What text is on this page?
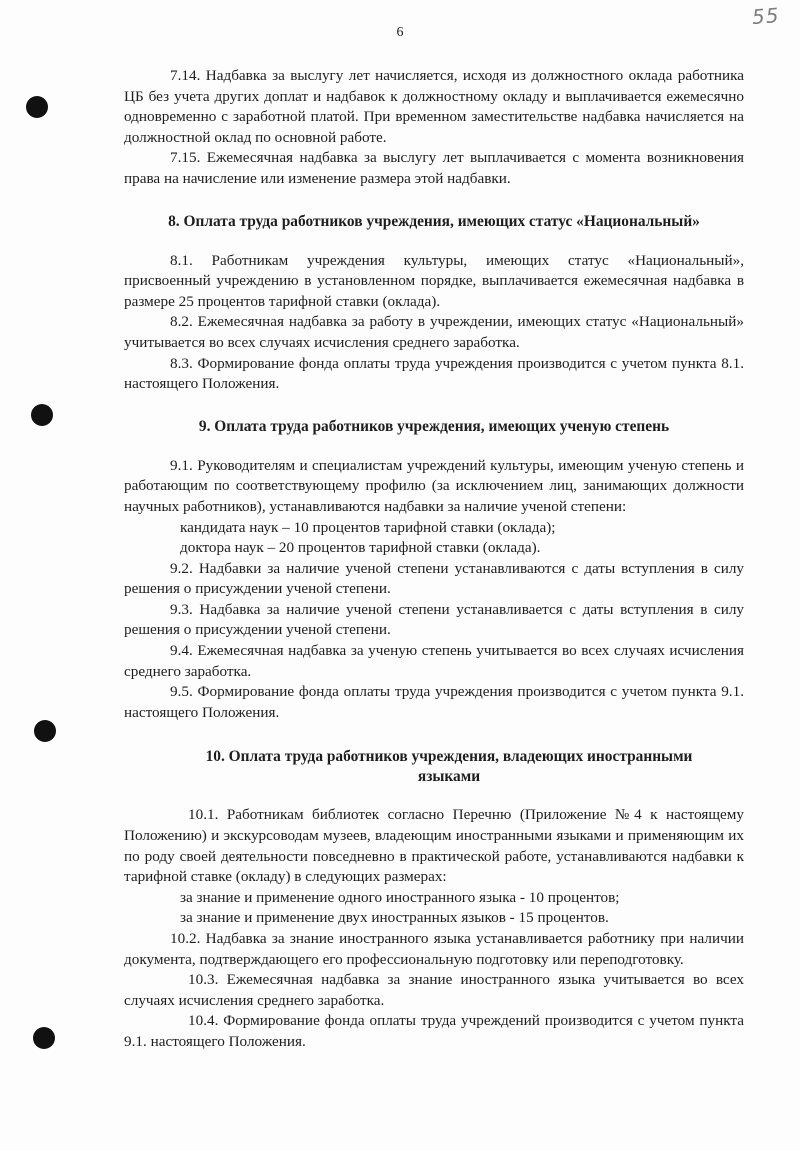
55
6

7.14. Надбавка за выслугу лет начисляется, исходя из должностного оклада работника ЦБ без учета других доплат и надбавок к должностному окладу и выплачивается ежемесячно одновременно с заработной платой. При временном заместительстве надбавка начисляется на должностной оклад по основной работе.

7.15. Ежемесячная надбавка за выслугу лет выплачивается с момента возникновения права на начисление или изменение размера этой надбавки.

8. Оплата труда работников учреждения, имеющих статус «Национальный»

8.1. Работникам учреждения культуры, имеющих статус «Национальный», присвоенный учреждению в установленном порядке, выплачивается ежемесячная надбавка в размере 25 процентов тарифной ставки (оклада).

8.2. Ежемесячная надбавка за работу в учреждении, имеющих статус «Национальный» учитывается во всех случаях исчисления среднего заработка.

8.3. Формирование фонда оплаты труда учреждения производится с учетом пункта 8.1. настоящего Положения.

9. Оплата труда работников учреждения, имеющих ученую степень

9.1. Руководителям и специалистам учреждений культуры, имеющим ученую степень и работающим по соответствующему профилю (за исключением лиц, занимающих должности научных работников), устанавливаются надбавки за наличие ученой степени:

кандидата наук – 10 процентов тарифной ставки (оклада);

доктора наук – 20 процентов тарифной ставки (оклада).

9.2. Надбавки за наличие ученой степени устанавливаются с даты вступления в силу решения о присуждении ученой степени.

9.3. Надбавка за наличие ученой степени устанавливается с даты вступления в силу решения о присуждении ученой степени.

9.4. Ежемесячная надбавка за ученую степень учитывается во всех случаях исчисления среднего заработка.

9.5. Формирование фонда оплаты труда учреждения производится с учетом пункта 9.1. настоящего Положения.

10. Оплата труда работников учреждения, владеющих иностранными
языками

10.1. Работникам библиотек согласно Перечню (Приложение №4 к настоящему Положению) и экскурсоводам музеев, владеющим иностранными языками и применяющим их по роду своей деятельности повседневно в практической работе, устанавливаются надбавки к тарифной ставке (окладу) в следующих размерах:

за знание и применение одного иностранного языка - 10 процентов;

за знание и применение двух иностранных языков - 15 процентов.

10.2. Надбавка за знание иностранного языка устанавливается работнику при наличии документа, подтверждающего его профессиональную подготовку или переподготовку.

10.3. Ежемесячная надбавка за знание иностранного языка учитывается во всех случаях исчисления среднего заработка.

10.4. Формирование фонда оплаты труда учреждений производится с учетом пункта 9.1. настоящего Положения.
